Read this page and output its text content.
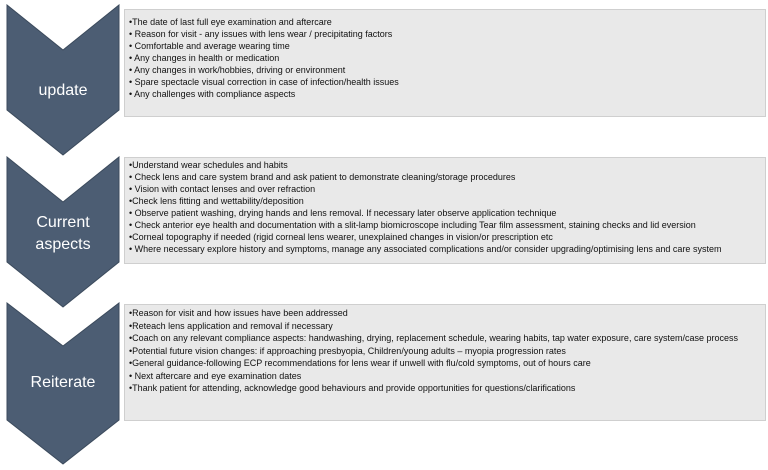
update
•The date of last full eye examination and aftercare
• Reason for visit - any issues with lens wear / precipitating factors
• Comfortable and average wearing time
• Any changes in health or medication
• Any changes in work/hobbies, driving or environment
• Spare spectacle visual correction in case of infection/health issues
• Any challenges with compliance aspects
Current
aspects
•Understand wear schedules and habits
• Check lens and care system brand and ask patient to demonstrate cleaning/storage procedures
• Vision with contact lenses and over refraction
•Check lens fitting and wettability/deposition
• Observe patient washing, drying hands and lens removal. If necessary later observe application technique
• Check anterior eye health and documentation with a slit-lamp biomicroscope including Tear film assessment, staining checks and lid eversion
•Corneal topography if needed (rigid corneal lens wearer, unexplained changes in vision/or prescription etc
• Where necessary explore history and symptoms, manage any associated complications and/or consider upgrading/optimising lens and care system
Reiterate
•Reason for visit and how issues have been addressed
•Reteach lens application and removal if necessary
•Coach on any relevant compliance aspects: handwashing, drying, replacement schedule, wearing habits, tap water exposure, care system/case process
•Potential future vision changes: if approaching presbyopia, Children/young adults – myopia progression rates
•General guidance-following ECP recommendations for lens wear if unwell with flu/cold symptoms, out of hours care
• Next aftercare and eye examination dates
•Thank patient for attending, acknowledge good behaviours and provide opportunities for questions/clarifications
